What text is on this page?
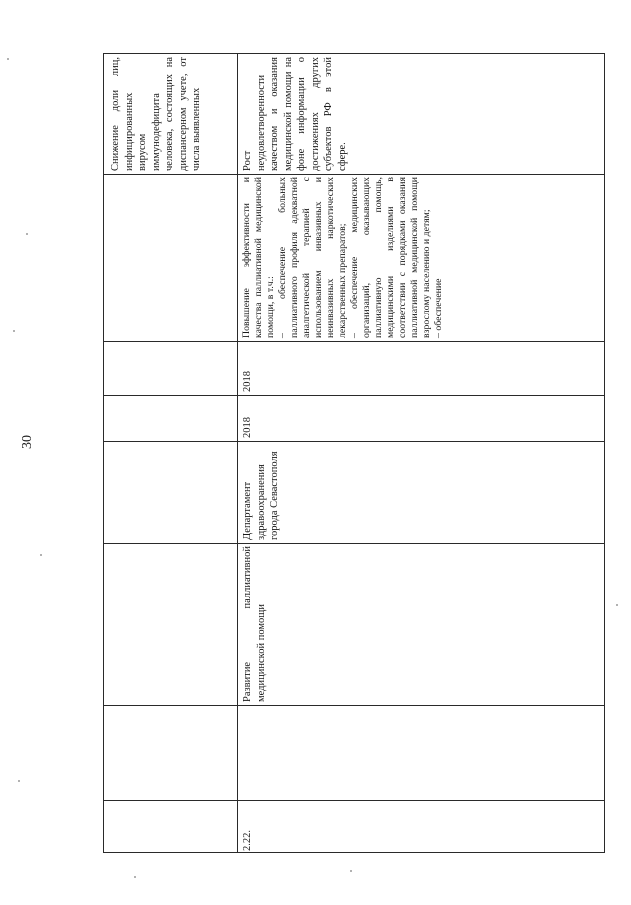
30

Снижение доли лиц, инфицированных вирусом иммунодефицита человека, состоящих на диспансерном учете, от числа выявленных

2.22.

Развитие паллиативной медицинской помощи

Департамент здравоохранения города Севастополя

2018

2018

Повышение эффективности и качества паллиативной медицинской помощи, в т.ч.: – обеспечение больных паллиативного профиля адекватной аналгетической терапией с использованием инвазивных и неинвазивных наркотических лекарственных препаратов; – обеспечение медицинских организаций, оказывающих паллиативную помощь, медицинскими изделиями в соответствии с порядками оказания паллиативной медицинской помощи взрослому населению и детям; – обеспечение

Рост неудовлетворенности качеством и оказания медицинской помощи на фоне информации о достижениях других субъектов РФ в этой сфере.
